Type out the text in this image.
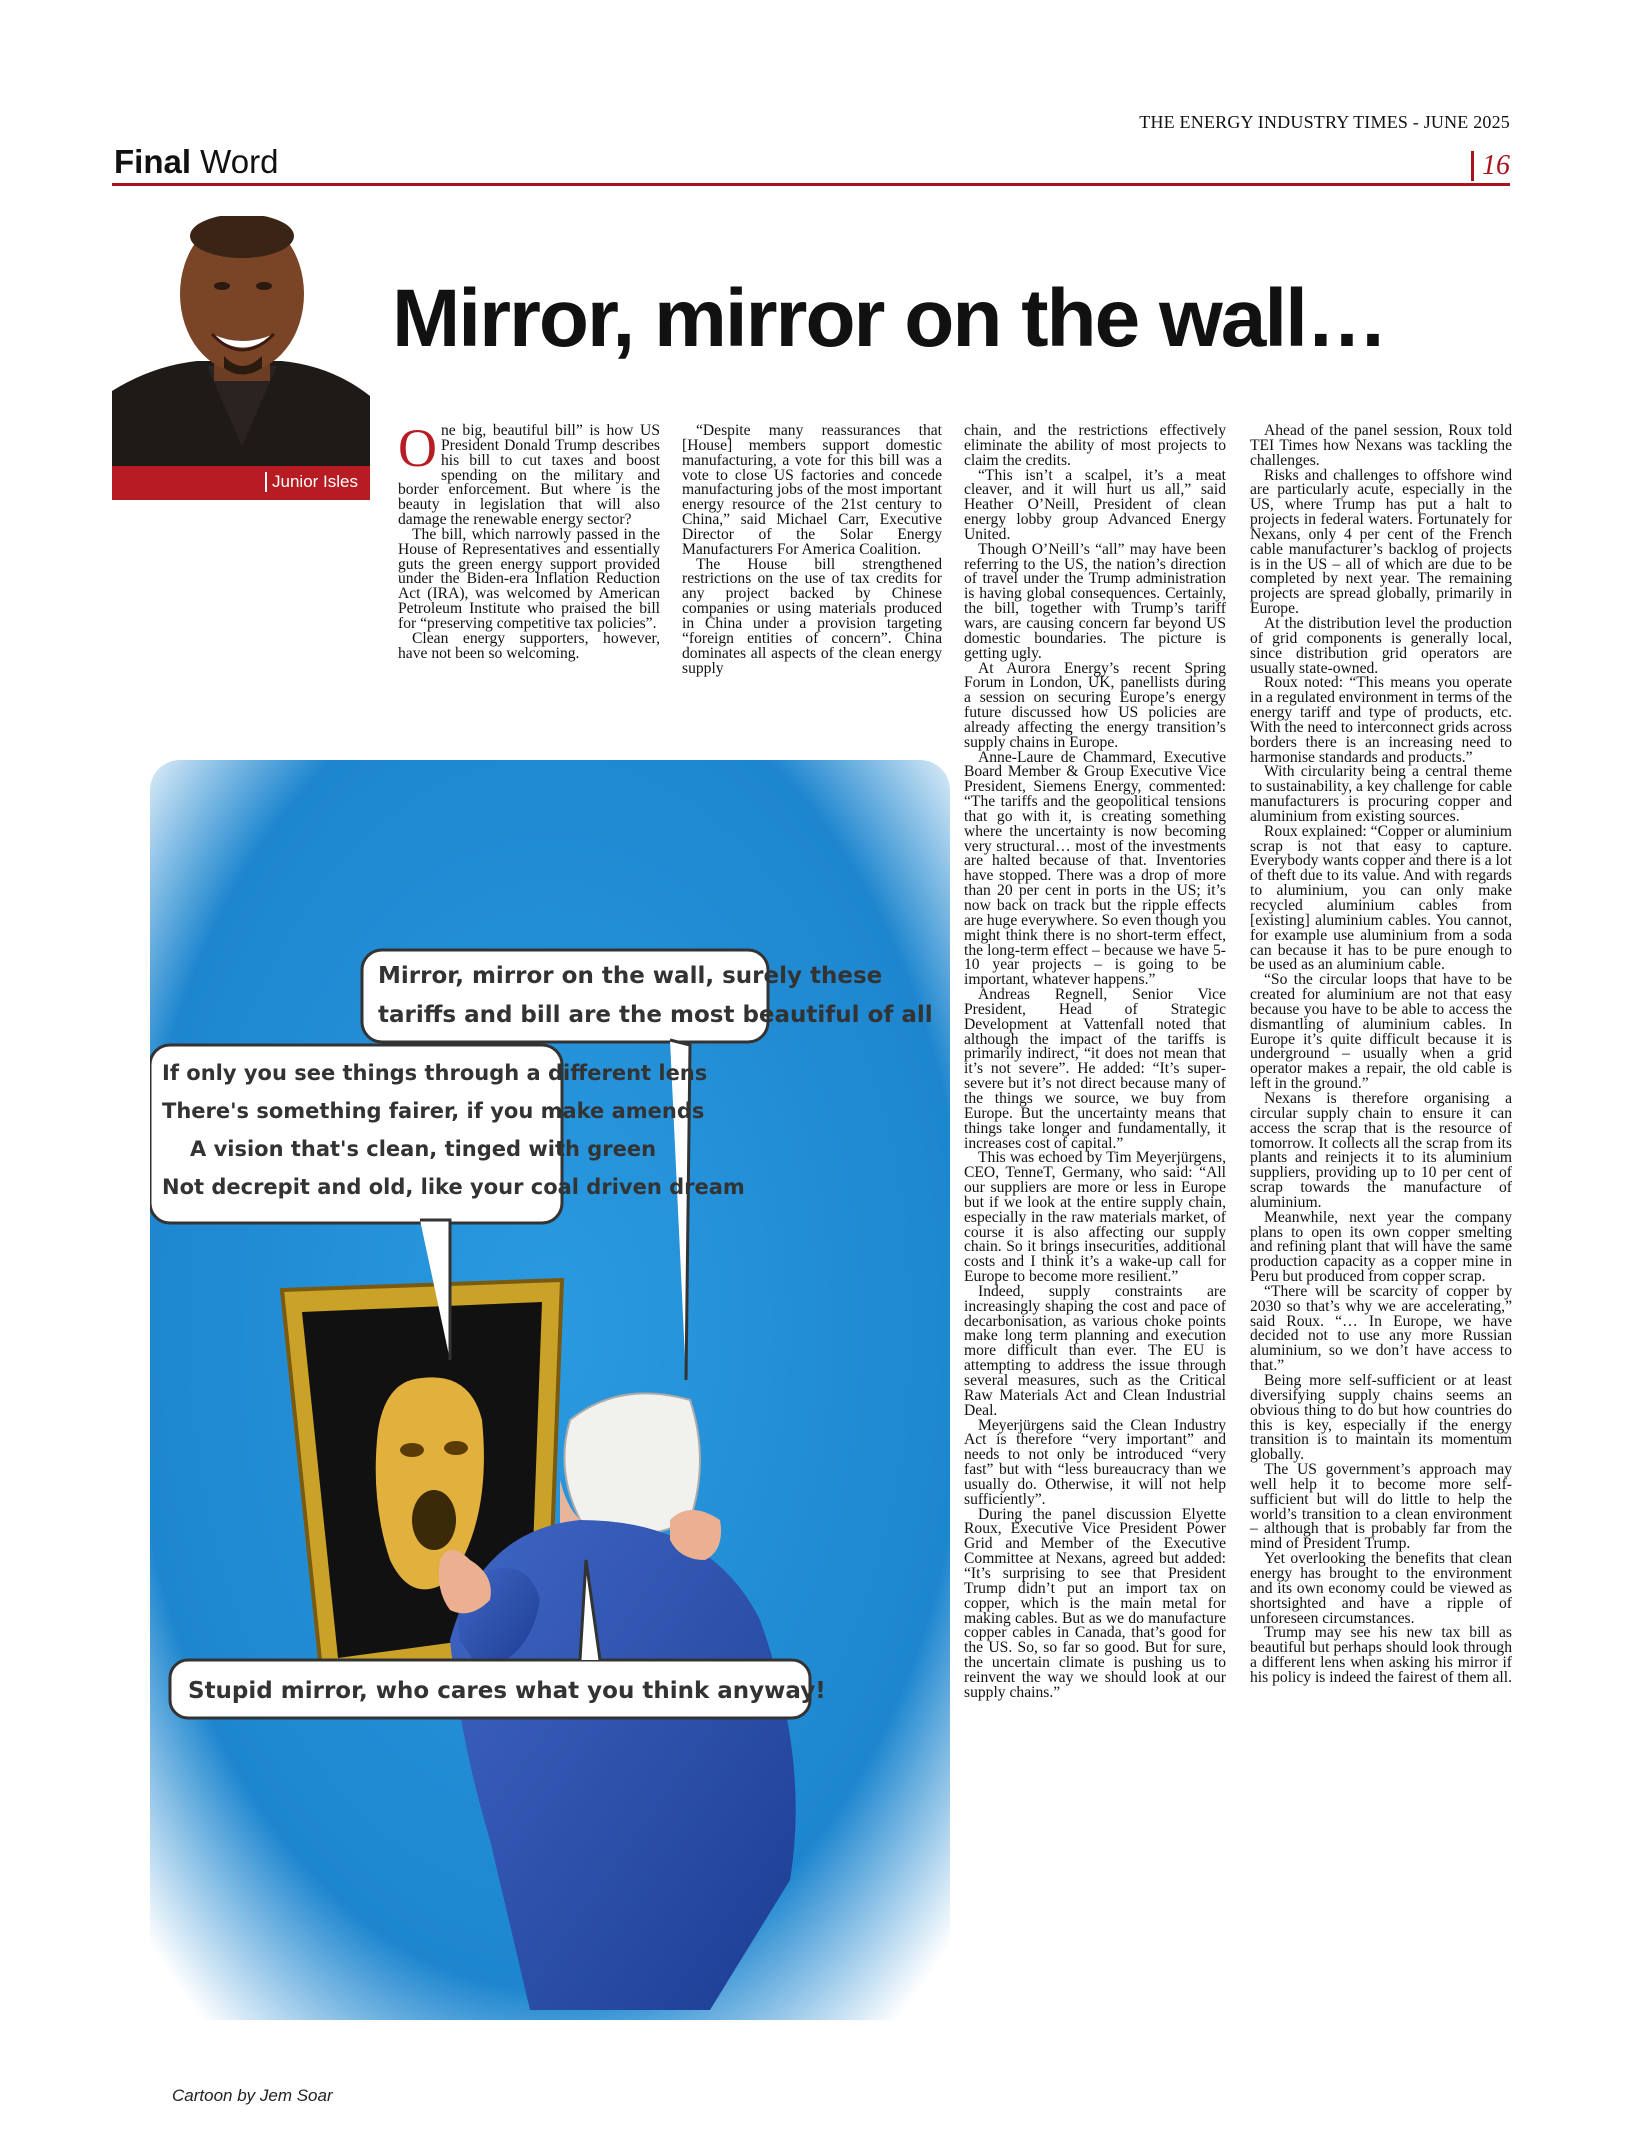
THE ENERGY INDUSTRY TIMES - JUNE 2025
Final Word	16
Junior Isles
Mirror, mirror on the wall…

One big, beautiful bill” is how US President Donald Trump describes his bill to cut taxes and boost spending on the military and border enforcement. But where is the beauty in legislation that will also damage the renewable energy sector?

The bill, which narrowly passed in the House of Representatives and essentially guts the green energy support provided under the Biden-era Inflation Reduction Act (IRA), was welcomed by American Petroleum Institute who praised the bill for “preserving competitive tax policies”.

Clean energy supporters, however, have not been so welcoming.

“Despite many reassurances that [House] members support domestic manufacturing, a vote for this bill was a vote to close US factories and concede manufacturing jobs of the most important energy resource of the 21st century to China,” said Michael Carr, Executive Director of the Solar Energy Manufacturers For America Coalition.

The House bill strengthened restrictions on the use of tax credits for any project backed by Chinese companies or using materials produced in China under a provision targeting “foreign entities of concern”. China dominates all aspects of the clean energy supply

chain, and the restrictions effectively eliminate the ability of most projects to claim the credits.

“This isn’t a scalpel, it’s a meat cleaver, and it will hurt us all,” said Heather O’Neill, President of clean energy lobby group Advanced Energy United.

Though O’Neill’s “all” may have been referring to the US, the nation’s direction of travel under the Trump administration is having global consequences. Certainly, the bill, together with Trump’s tariff wars, are causing concern far beyond US domestic boundaries. The picture is getting ugly.

At Aurora Energy’s recent Spring Forum in London, UK, panellists during a session on securing Europe’s energy future discussed how US policies are already affecting the energy transition’s supply chains in Europe.

Anne-Laure de Chammard, Executive Board Member & Group Executive Vice President, Siemens Energy, commented: “The tariffs and the geopolitical tensions that go with it, is creating something where the uncertainty is now becoming very structural… most of the investments are halted because of that. Inventories have stopped. There was a drop of more than 20 per cent in ports in the US; it’s now back on track but the ripple effects are huge everywhere. So even though you might think there is no short-term effect, the long-term effect – because we have 5-10 year projects – is going to be important, whatever happens.”

Andreas Regnell, Senior Vice President, Head of Strategic Development at Vattenfall noted that although the impact of the tariffs is primarily indirect, “it does not mean that it’s not severe”. He added: “It’s super-severe but it’s not direct because many of the things we source, we buy from Europe. But the uncertainty means that things take longer and fundamentally, it increases cost of capital.”

This was echoed by Tim Meyerjürgens, CEO, TenneT, Germany, who said: “All our suppliers are more or less in Europe but if we look at the entire supply chain, especially in the raw materials market, of course it is also affecting our supply chain. So it brings insecurities, additional costs and I think it’s a wake-up call for Europe to become more resilient.”

Indeed, supply constraints are increasingly shaping the cost and pace of decarbonisation, as various choke points make long term planning and execution more difficult than ever. The EU is attempting to address the issue through several measures, such as the Critical Raw Materials Act and Clean Industrial Deal.

Meyerjürgens said the Clean Industry Act is therefore “very important” and needs to not only be introduced “very fast” but with “less bureaucracy than we usually do. Otherwise, it will not help sufficiently”.

During the panel discussion Elyette Roux, Executive Vice President Power Grid and Member of the Executive Committee at Nexans, agreed but added: “It’s surprising to see that President Trump didn’t put an import tax on copper, which is the main metal for making cables. But as we do manufacture copper cables in Canada, that’s good for the US. So, so far so good. But for sure, the uncertain climate is pushing us to reinvent the way we should look at our supply chains.”

Ahead of the panel session, Roux told TEI Times how Nexans was tackling the challenges.

Risks and challenges to offshore wind are particularly acute, especially in the US, where Trump has put a halt to projects in federal waters. Fortunately for Nexans, only 4 per cent of the French cable manufacturer’s backlog of projects is in the US – all of which are due to be completed by next year. The remaining projects are spread globally, primarily in Europe.

At the distribution level the production of grid components is generally local, since distribution grid operators are usually state-owned.

Roux noted: “This means you operate in a regulated environment in terms of the energy tariff and type of products, etc. With the need to interconnect grids across borders there is an increasing need to harmonise standards and products.”

With circularity being a central theme to sustainability, a key challenge for cable manufacturers is procuring copper and aluminium from existing sources.

Roux explained: “Copper or aluminium scrap is not that easy to capture. Everybody wants copper and there is a lot of theft due to its value. And with regards to aluminium, you can only make recycled aluminium cables from [existing] aluminium cables. You cannot, for example use aluminium from a soda can because it has to be pure enough to be used as an aluminium cable.

“So the circular loops that have to be created for aluminium are not that easy because you have to be able to access the dismantling of aluminium cables. In Europe it’s quite difficult because it is underground – usually when a grid operator makes a repair, the old cable is left in the ground.”

Nexans is therefore organising a circular supply chain to ensure it can access the scrap that is the resource of tomorrow. It collects all the scrap from its plants and reinjects it to its aluminium suppliers, providing up to 10 per cent of scrap towards the manufacture of aluminium.

Meanwhile, next year the company plans to open its own copper smelting and refining plant that will have the same production capacity as a copper mine in Peru but produced from copper scrap.

“There will be scarcity of copper by 2030 so that’s why we are accelerating,” said Roux. “… In Europe, we have decided not to use any more Russian aluminium, so we don’t have access to that.”

Being more self-sufficient or at least diversifying supply chains seems an obvious thing to do but how countries do this is key, especially if the energy transition is to maintain its momentum globally.

The US government’s approach may well help it to become more self-sufficient but will do little to help the world’s transition to a clean environment – although that is probably far from the mind of President Trump.

Yet overlooking the benefits that clean energy has brought to the environment and its own economy could be viewed as shortsighted and have a ripple of unforeseen circumstances.

Trump may see his new tax bill as beautiful but perhaps should look through a different lens when asking his mirror if his policy is indeed the fairest of them all.

Mirror, mirror on the wall, surely these
tariffs and bill are the most beautiful of all
If only you see things through a different lens
There's something fairer, if you make amends
A vision that's clean, tinged with green
Not decrepit and old, like your coal driven dream
Stupid mirror, who cares what you think anyway!
Cartoon by Jem Soar
